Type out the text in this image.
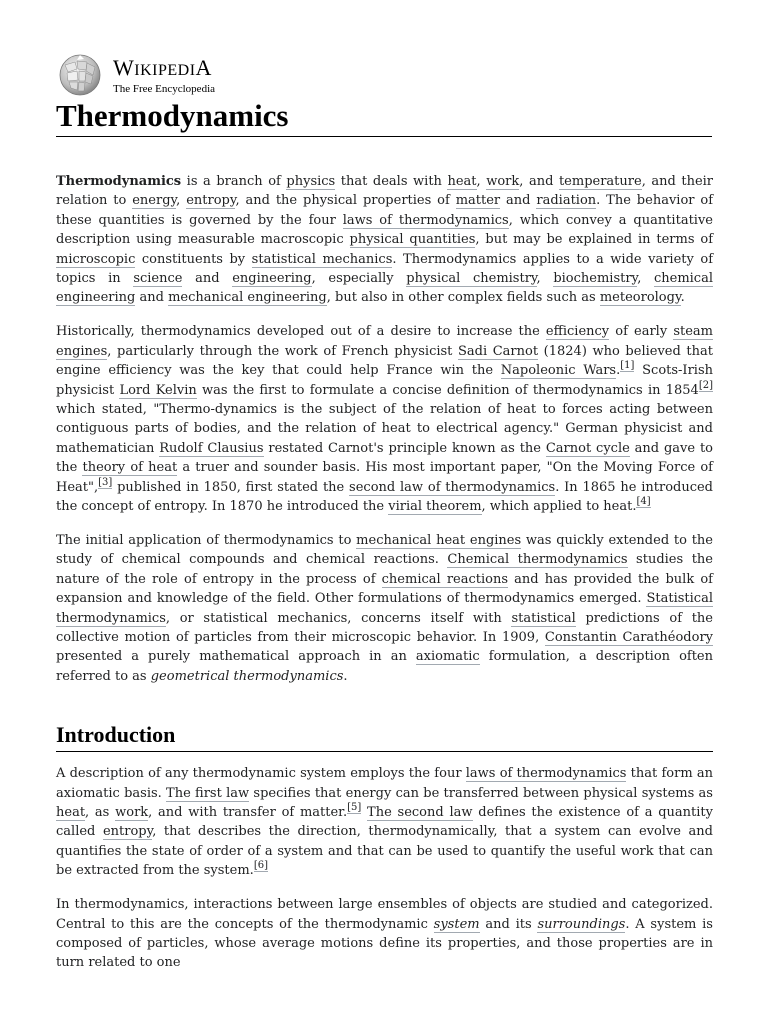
WIKIPEDIA
The Free Encyclopedia
Thermodynamics

Thermodynamics is a branch of physics that deals with heat, work, and temperature, and their relation to energy, entropy, and the physical properties of matter and radiation. The behavior of these quantities is governed by the four laws of thermodynamics, which convey a quantitative description using measurable macroscopic physical quantities, but may be explained in terms of microscopic constituents by statistical mechanics. Thermodynamics applies to a wide variety of topics in science and engineering, especially physical chemistry, biochemistry, chemical engineering and mechanical engineering, but also in other complex fields such as meteorology.

Historically, thermodynamics developed out of a desire to increase the efficiency of early steam engines, particularly through the work of French physicist Sadi Carnot (1824) who believed that engine efficiency was the key that could help France win the Napoleonic Wars.[1] Scots-Irish physicist Lord Kelvin was the first to formulate a concise definition of thermodynamics in 1854[2] which stated, "Thermo-dynamics is the subject of the relation of heat to forces acting between contiguous parts of bodies, and the relation of heat to electrical agency." German physicist and mathematician Rudolf Clausius restated Carnot's principle known as the Carnot cycle and gave to the theory of heat a truer and sounder basis. His most important paper, "On the Moving Force of Heat",[3] published in 1850, first stated the second law of thermodynamics. In 1865 he introduced the concept of entropy. In 1870 he introduced the virial theorem, which applied to heat.[4]

The initial application of thermodynamics to mechanical heat engines was quickly extended to the study of chemical compounds and chemical reactions. Chemical thermodynamics studies the nature of the role of entropy in the process of chemical reactions and has provided the bulk of expansion and knowledge of the field. Other formulations of thermodynamics emerged. Statistical thermodynamics, or statistical mechanics, concerns itself with statistical predictions of the collective motion of particles from their microscopic behavior. In 1909, Constantin Carathéodory presented a purely mathematical approach in an axiomatic formulation, a description often referred to as geometrical thermodynamics.

Introduction

A description of any thermodynamic system employs the four laws of thermodynamics that form an axiomatic basis. The first law specifies that energy can be transferred between physical systems as heat, as work, and with transfer of matter.[5] The second law defines the existence of a quantity called entropy, that describes the direction, thermodynamically, that a system can evolve and quantifies the state of order of a system and that can be used to quantify the useful work that can be extracted from the system.[6]

In thermodynamics, interactions between large ensembles of objects are studied and categorized. Central to this are the concepts of the thermodynamic system and its surroundings. A system is composed of particles, whose average motions define its properties, and those properties are in turn related to one
